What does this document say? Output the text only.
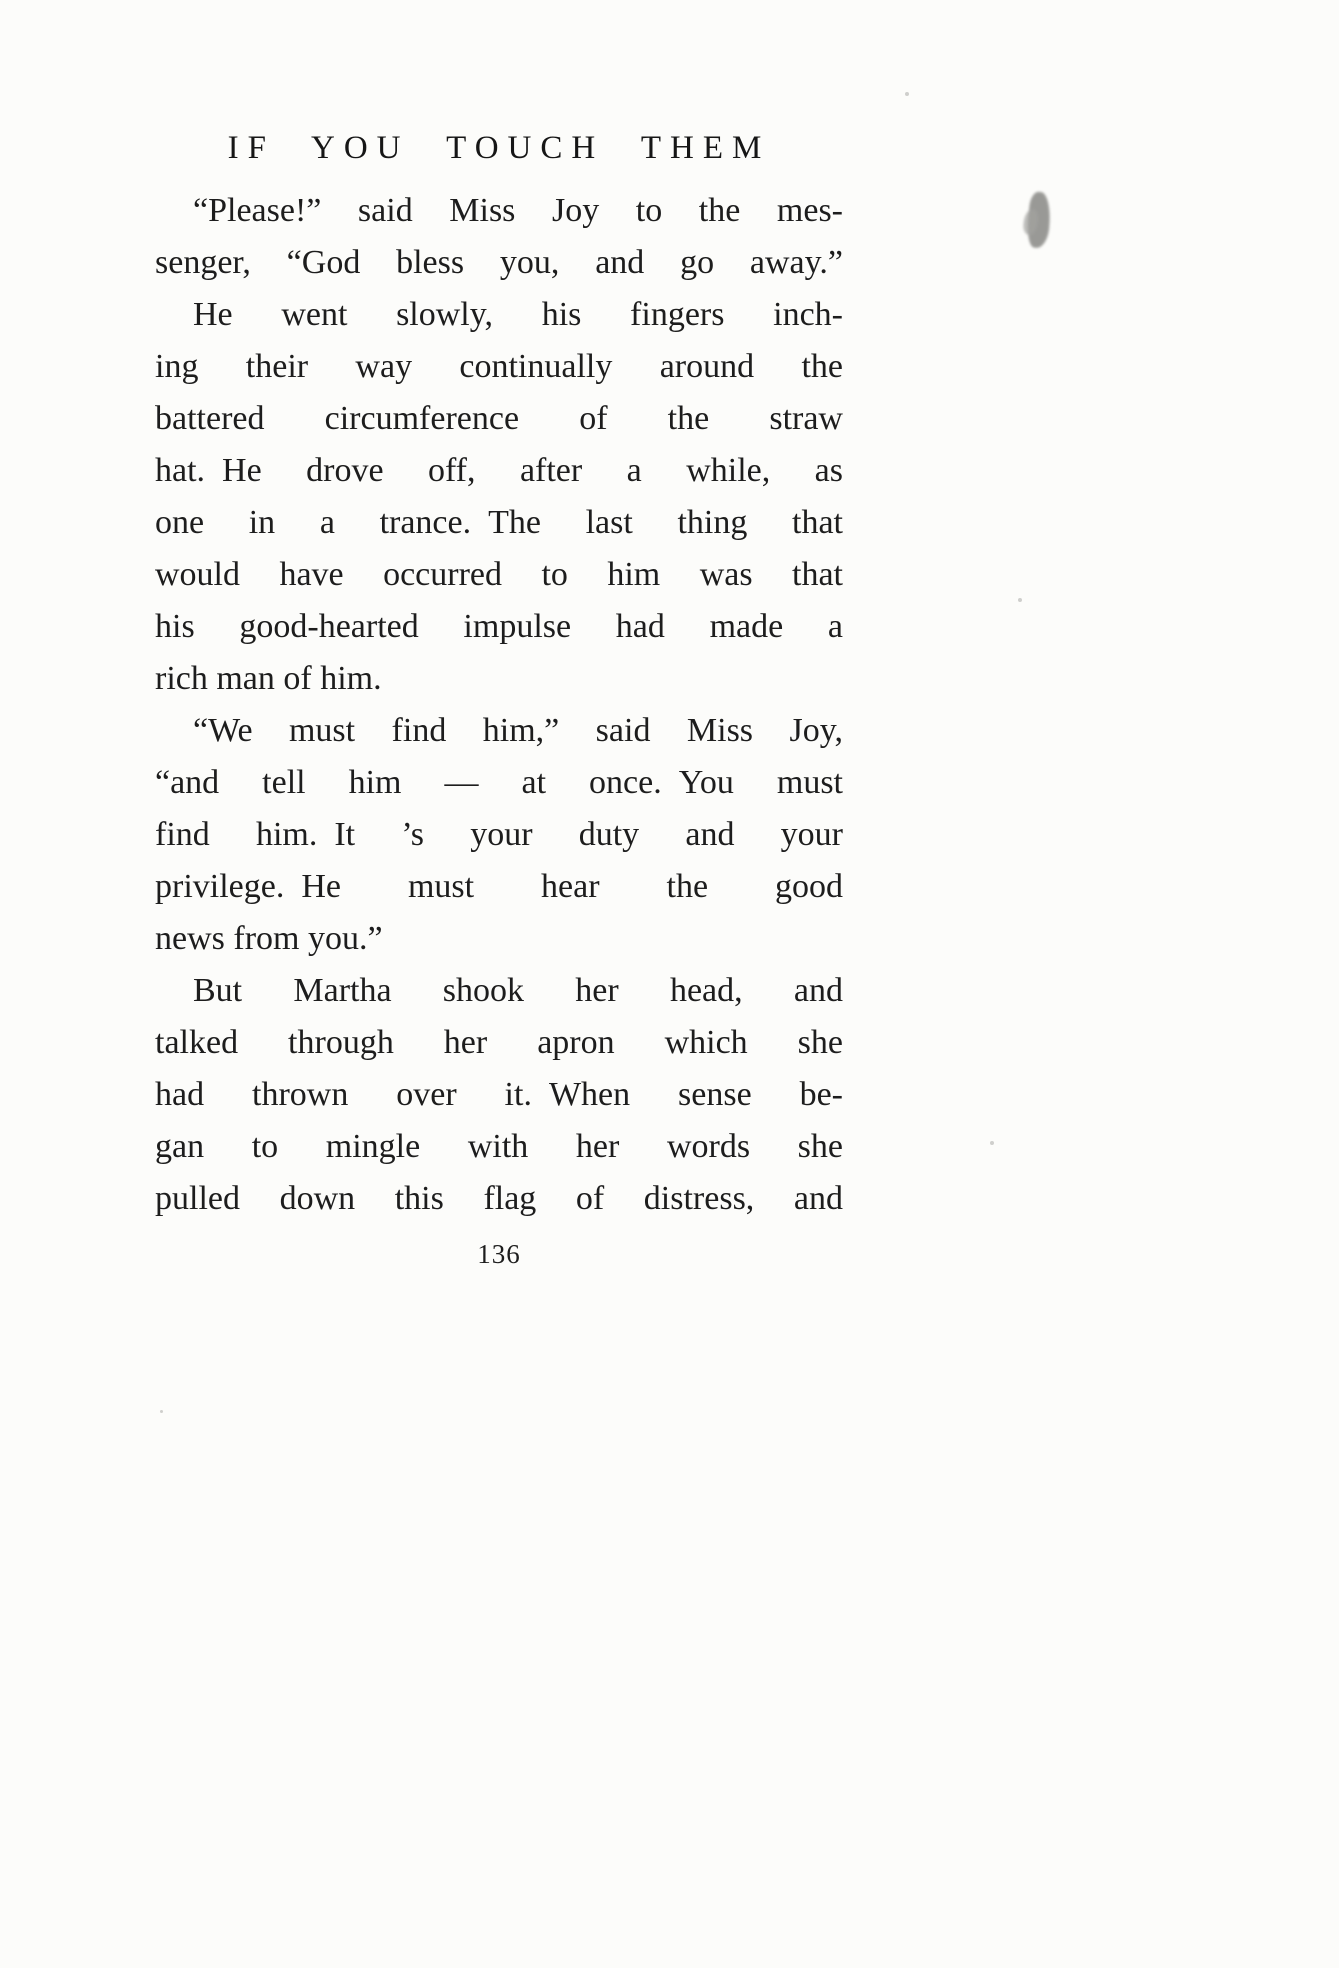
IF YOU TOUCH THEM
“Please!” said Miss Joy to the mes-
senger, “God bless you, and go away.”
He went slowly, his fingers inch-
ing their way continually around the
battered circumference of the straw
hat. He drove off, after a while, as
one in a trance. The last thing that
would have occurred to him was that
his good-hearted impulse had made a
rich man of him.
“We must find him,” said Miss Joy,
“and tell him — at once. You must
find him. It ’s your duty and your
privilege. He must hear the good
news from you.”
But Martha shook her head, and
talked through her apron which she
had thrown over it. When sense be-
gan to mingle with her words she
pulled down this flag of distress, and
136
